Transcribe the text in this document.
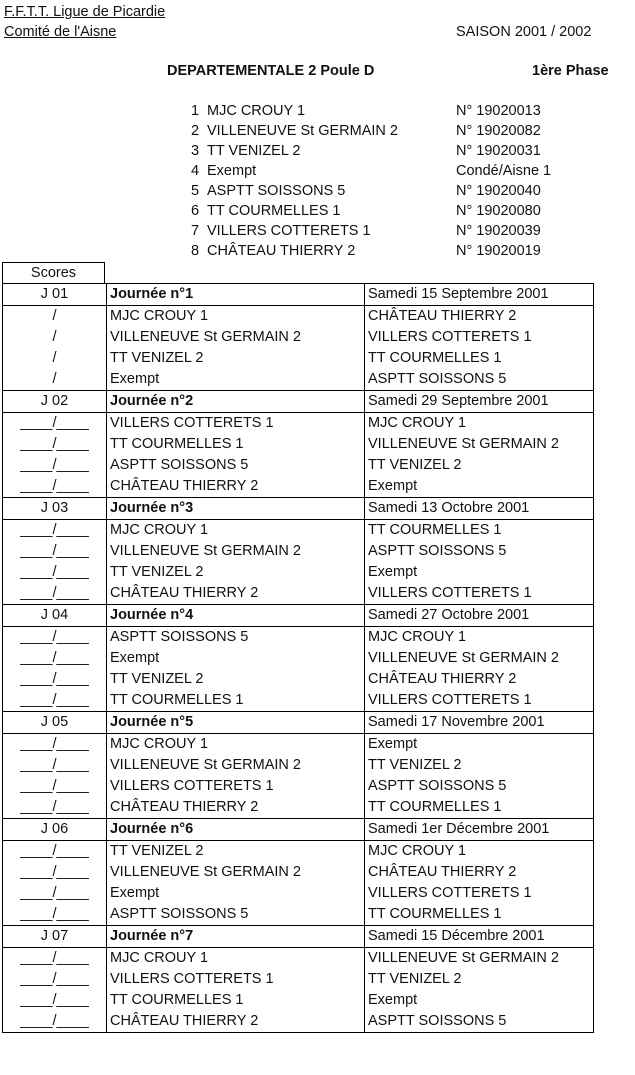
F.F.T.T. Ligue de Picardie
Comité de l'Aisne	SAISON 2001 / 2002
DEPARTEMENTALE 2 Poule D	1ère Phase
1 MJC CROUY 1	N° 19020013
2 VILLENEUVE St GERMAIN 2	N° 19020082
3 TT VENIZEL 2	N° 19020031
4 Exempt	Condé/Aisne 1
5 ASPTT SOISSONS 5	N° 19020040
6 TT COURMELLES 1	N° 19020080
7 VILLERS COTTERETS 1	N° 19020039
8 CHÂTEAU THIERRY 2	N° 19020019
Scores
J 01	Journée n°1	Samedi 15 Septembre 2001
/	MJC CROUY 1	CHÂTEAU THIERRY 2
/	VILLENEUVE St GERMAIN 2	VILLERS COTTERETS 1
/	TT VENIZEL 2	TT COURMELLES 1
/	Exempt	ASPTT SOISSONS 5
J 02	Journée n°2	Samedi 29 Septembre 2001
____/____	VILLERS COTTERETS 1	MJC CROUY 1
____/____	TT COURMELLES 1	VILLENEUVE St GERMAIN 2
____/____	ASPTT SOISSONS 5	TT VENIZEL 2
____/____	CHÂTEAU THIERRY 2	Exempt
J 03	Journée n°3	Samedi 13 Octobre 2001
____/____	MJC CROUY 1	TT COURMELLES 1
____/____	VILLENEUVE St GERMAIN 2	ASPTT SOISSONS 5
____/____	TT VENIZEL 2	Exempt
____/____	CHÂTEAU THIERRY 2	VILLERS COTTERETS 1
J 04	Journée n°4	Samedi 27 Octobre 2001
____/____	ASPTT SOISSONS 5	MJC CROUY 1
____/____	Exempt	VILLENEUVE St GERMAIN 2
____/____	TT VENIZEL 2	CHÂTEAU THIERRY 2
____/____	TT COURMELLES 1	VILLERS COTTERETS 1
J 05	Journée n°5	Samedi 17 Novembre 2001
____/____	MJC CROUY 1	Exempt
____/____	VILLENEUVE St GERMAIN 2	TT VENIZEL 2
____/____	VILLERS COTTERETS 1	ASPTT SOISSONS 5
____/____	CHÂTEAU THIERRY 2	TT COURMELLES 1
J 06	Journée n°6	Samedi 1er Décembre 2001
____/____	TT VENIZEL 2	MJC CROUY 1
____/____	VILLENEUVE St GERMAIN 2	CHÂTEAU THIERRY 2
____/____	Exempt	VILLERS COTTERETS 1
____/____	ASPTT SOISSONS 5	TT COURMELLES 1
J 07	Journée n°7	Samedi 15 Décembre 2001
____/____	MJC CROUY 1	VILLENEUVE St GERMAIN 2
____/____	VILLERS COTTERETS 1	TT VENIZEL 2
____/____	TT COURMELLES 1	Exempt
____/____	CHÂTEAU THIERRY 2	ASPTT SOISSONS 5
